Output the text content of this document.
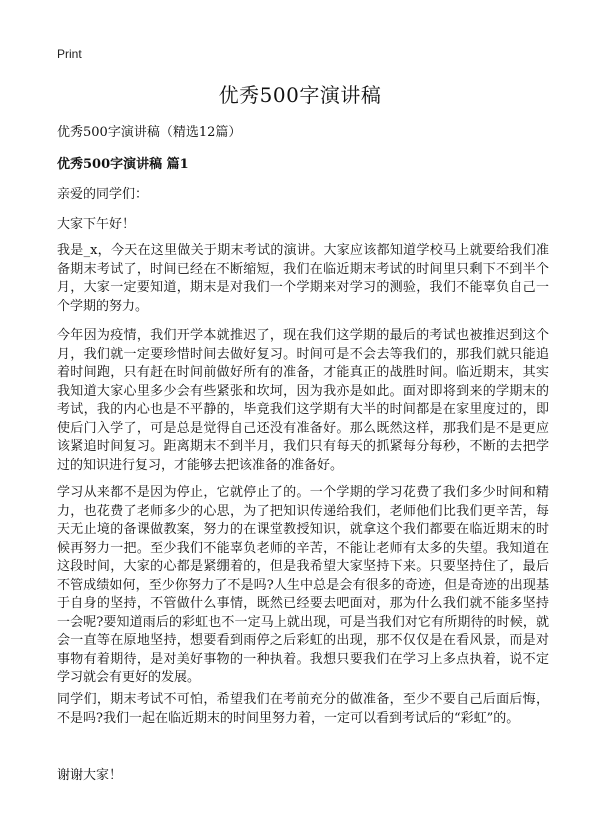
Print
优秀500字演讲稿
优秀500字演讲稿（精选12篇）
优秀500字演讲稿 篇1
亲爱的同学们：
大家下午好！

我是_x，今天在这里做关于期末考试的演讲。大家应该都知道学校马上就要给我们准备期末考试了，时间已经在不断缩短，我们在临近期末考试的时间里只剩下不到半个月，大家一定要知道，期末是对我们一个学期来对学习的测验，我们不能辜负自己一个学期的努力。

今年因为疫情，我们开学本就推迟了，现在我们这学期的最后的考试也被推迟到这个月，我们就一定要珍惜时间去做好复习。时间可是不会去等我们的，那我们就只能追着时间跑，只有赶在时间前做好所有的准备，才能真正的战胜时间。临近期末，其实我知道大家心里多少会有些紧张和坎坷，因为我亦是如此。面对即将到来的学期末的考试，我的内心也是不平静的，毕竟我们这学期有大半的时间都是在家里度过的，即使后门入学了，可是总是觉得自己还没有准备好。那么既然这样，那我们是不是更应该紧追时间复习。距离期末不到半月，我们只有每天的抓紧每分每秒，不断的去把学过的知识进行复习，才能够去把该准备的准备好。

学习从来都不是因为停止，它就停止了的。一个学期的学习花费了我们多少时间和精力，也花费了老师多少的心思，为了把知识传递给我们，老师他们比我们更辛苦，每天无止境的备课做教案，努力的在课堂教授知识，就拿这个我们都要在临近期末的时候再努力一把。至少我们不能辜负老师的辛苦，不能让老师有太多的失望。我知道在这段时间，大家的心都是紧绷着的，但是我希望大家坚持下来。只要坚持住了，最后不管成绩如何，至少你努力了不是吗?人生中总是会有很多的奇迹，但是奇迹的出现基于自身的坚持，不管做什么事情，既然已经要去吧面对，那为什么我们就不能多坚持一会呢?要知道雨后的彩虹也不一定马上就出现，可是当我们对它有所期待的时候，就会一直等在原地坚持，想要看到雨停之后彩虹的出现，那不仅仅是在看风景，而是对事物有着期待，是对美好事物的一种执着。我想只要我们在学习上多点执着，说不定学习就会有更好的发展。

同学们，期末考试不可怕，希望我们在考前充分的做准备，至少不要自己后面后悔，不是吗?我们一起在临近期末的时间里努力着，一定可以看到考试后的“彩虹”的。

谢谢大家！
